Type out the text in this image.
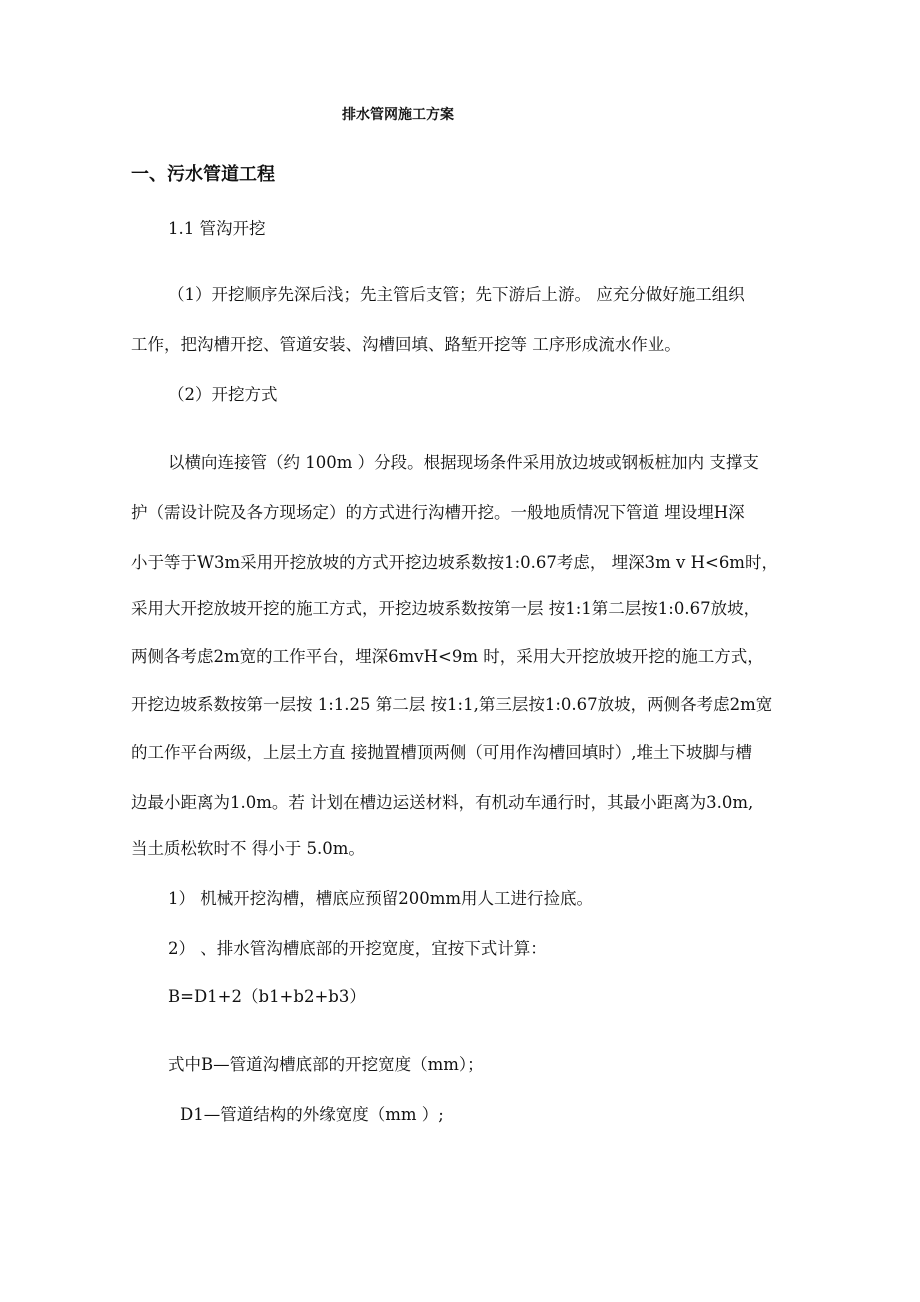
排水管网施工方案
一、污水管道工程
1.1 管沟开挖
（1）开挖顺序先深后浅；先主管后支管；先下游后上游。 应充分做好施工组织
工作，把沟槽开挖、管道安装、沟槽回填、路堑开挖等 工序形成流水作业。
（2）开挖方式
以横向连接管（约 100m ）分段。根据现场条件采用放边坡或钢板桩加内 支撑支
护（需设计院及各方现场定）的方式进行沟槽开挖。一般地质情况下管道 埋设埋H深
小于等于W3m采用开挖放坡的方式开挖边坡系数按1:0.67考虑， 埋深3m v H<6m时，
采用大开挖放坡开挖的施工方式，开挖边坡系数按第一层 按1:1第二层按1:0.67放坡，
两侧各考虑2m宽的工作平台，埋深6mvH<9m 时，采用大开挖放坡开挖的施工方式，
开挖边坡系数按第一层按 1:1.25 第二层 按1:1,第三层按1:0.67放坡，两侧各考虑2m宽
的工作平台两级，上层土方直 接抛置槽顶两侧（可用作沟槽回填时）,堆土下坡脚与槽
边最小距离为1.0m。若 计划在槽边运送材料，有机动车通行时，其最小距离为3.0m,
当土质松软时不 得小于 5.0m。
1） 机械开挖沟槽，槽底应预留200mm用人工进行捡底。
2） 、排水管沟槽底部的开挖宽度，宜按下式计算：
B=D1+2（b1+b2+b3）
式中B—管道沟槽底部的开挖宽度（mm）；
D1—管道结构的外缘宽度（mm ）;
